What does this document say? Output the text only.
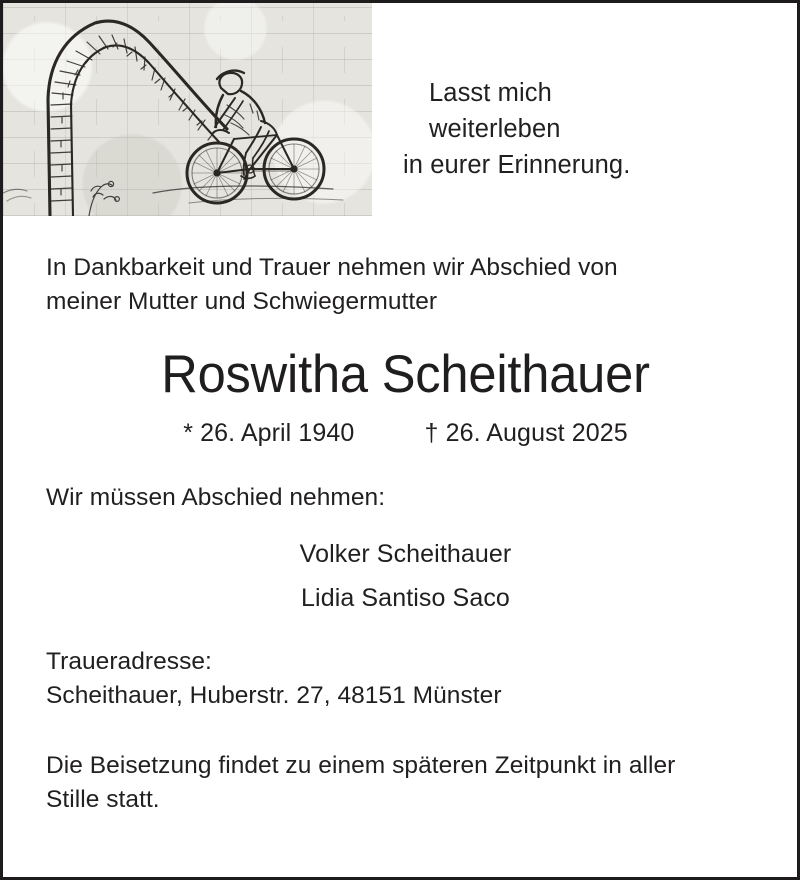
Lasst mich
weiterleben
in eurer Erinnerung.

In Dankbarkeit und Trauer nehmen wir Abschied von
meiner Mutter und Schwiegermutter

Roswitha Scheithauer

* 26. April 1940	† 26. August 2025

Wir müssen Abschied nehmen:

Volker Scheithauer
Lidia Santiso Saco
Traueradresse:
Scheithauer, Huberstr. 27, 48151 Münster
Die Beisetzung findet zu einem späteren Zeitpunkt in aller
Stille statt.
